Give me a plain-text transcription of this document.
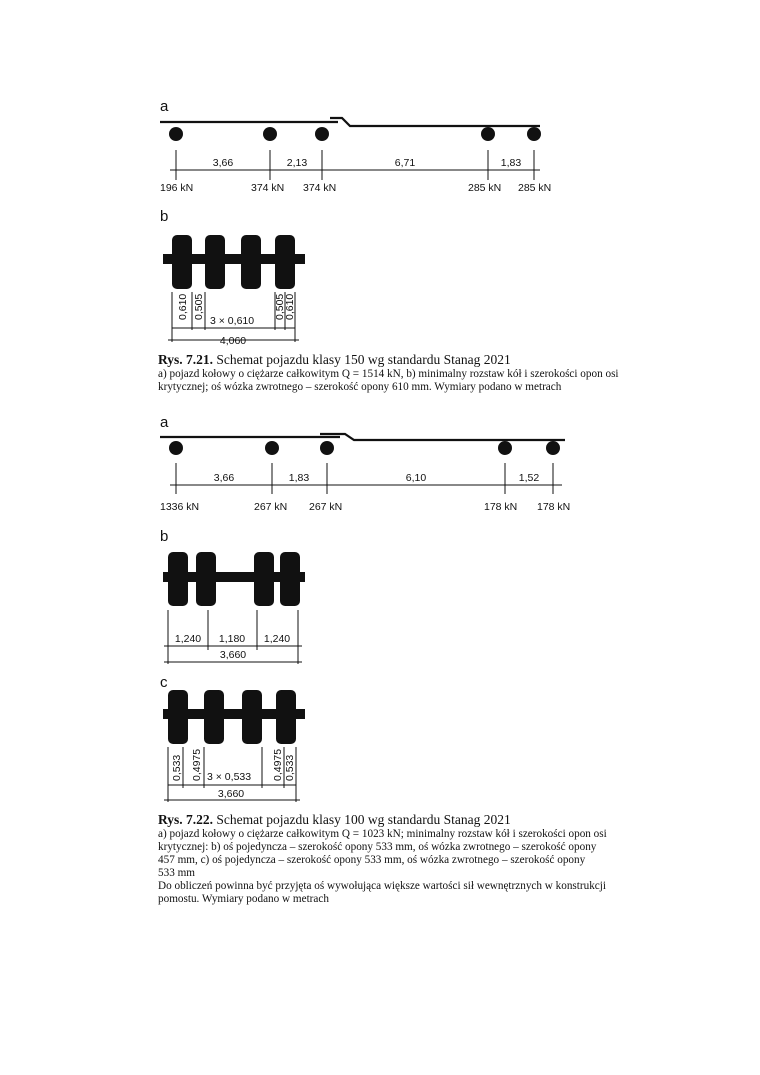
a
3,66	2,13	6,71	1,83
196 kN	374 kN 374 kN	285 kN 285 kN
b
0,610 0,505
3 × 0,610
0,505
0,610
4,060
a
3,66	1,83	6,10	1,52
1336 kN	267 kN 267 kN	178 kN 178 kN
b
1,240 1,180 1,240
3,660
c
0,533 0,4975 3 × 0,533 0,4975 0,533
3,660
Rys. 7.21. Schemat pojazdu klasy 150 wg standardu Stanag 2021
a) pojazd kołowy o ciężarze całkowitym Q = 1514 kN, b) minimalny rozstaw kół i szerokości opon osi
krytycznej; oś wózka zwrotnego – szerokość opony 610 mm. Wymiary podano w metrach
Rys. 7.22. Schemat pojazdu klasy 100 wg standardu Stanag 2021
a) pojazd kołowy o ciężarze całkowitym Q = 1023 kN; minimalny rozstaw kół i szerokości opon osi
krytycznej: b) oś pojedyncza – szerokość opony 533 mm, oś wózka zwrotnego – szerokość opony
457 mm, c) oś pojedyncza – szerokość opony 533 mm, oś wózka zwrotnego – szerokość opony
533 mm
Do obliczeń powinna być przyjęta oś wywołująca większe wartości sił wewnętrznych w konstrukcji
pomostu. Wymiary podano w metrach
